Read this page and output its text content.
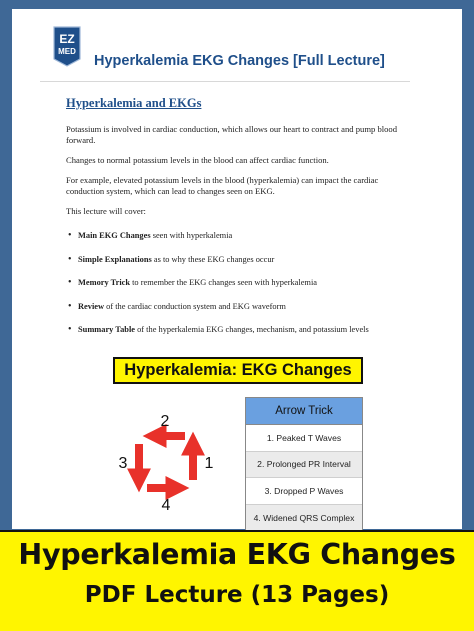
EZ
MED
Hyperkalemia EKG Changes [Full Lecture]
Hyperkalemia and EKGs

Potassium is involved in cardiac conduction, which allows our heart to contract and pump blood forward.

Changes to normal potassium levels in the blood can affect cardiac function.

For example, elevated potassium levels in the blood (hyperkalemia) can impact the cardiac conduction system, which can lead to changes seen on EKG.

This lecture will cover:

• Main EKG Changes seen with hyperkalemia
• Simple Explanations as to why these EKG changes occur
• Memory Trick to remember the EKG changes seen with hyperkalemia
• Review of the cardiac conduction system and EKG waveform
• Summary Table of the hyperkalemia EKG changes, mechanism, and potassium levels
Hyperkalemia: EKG Changes
2
1
3
4
Arrow Trick
1. Peaked T Waves
2. Prolonged PR Interval
3. Dropped P Waves
4. Widened QRS Complex
Hyperkalemia EKG Changes
PDF Lecture (13 Pages)
